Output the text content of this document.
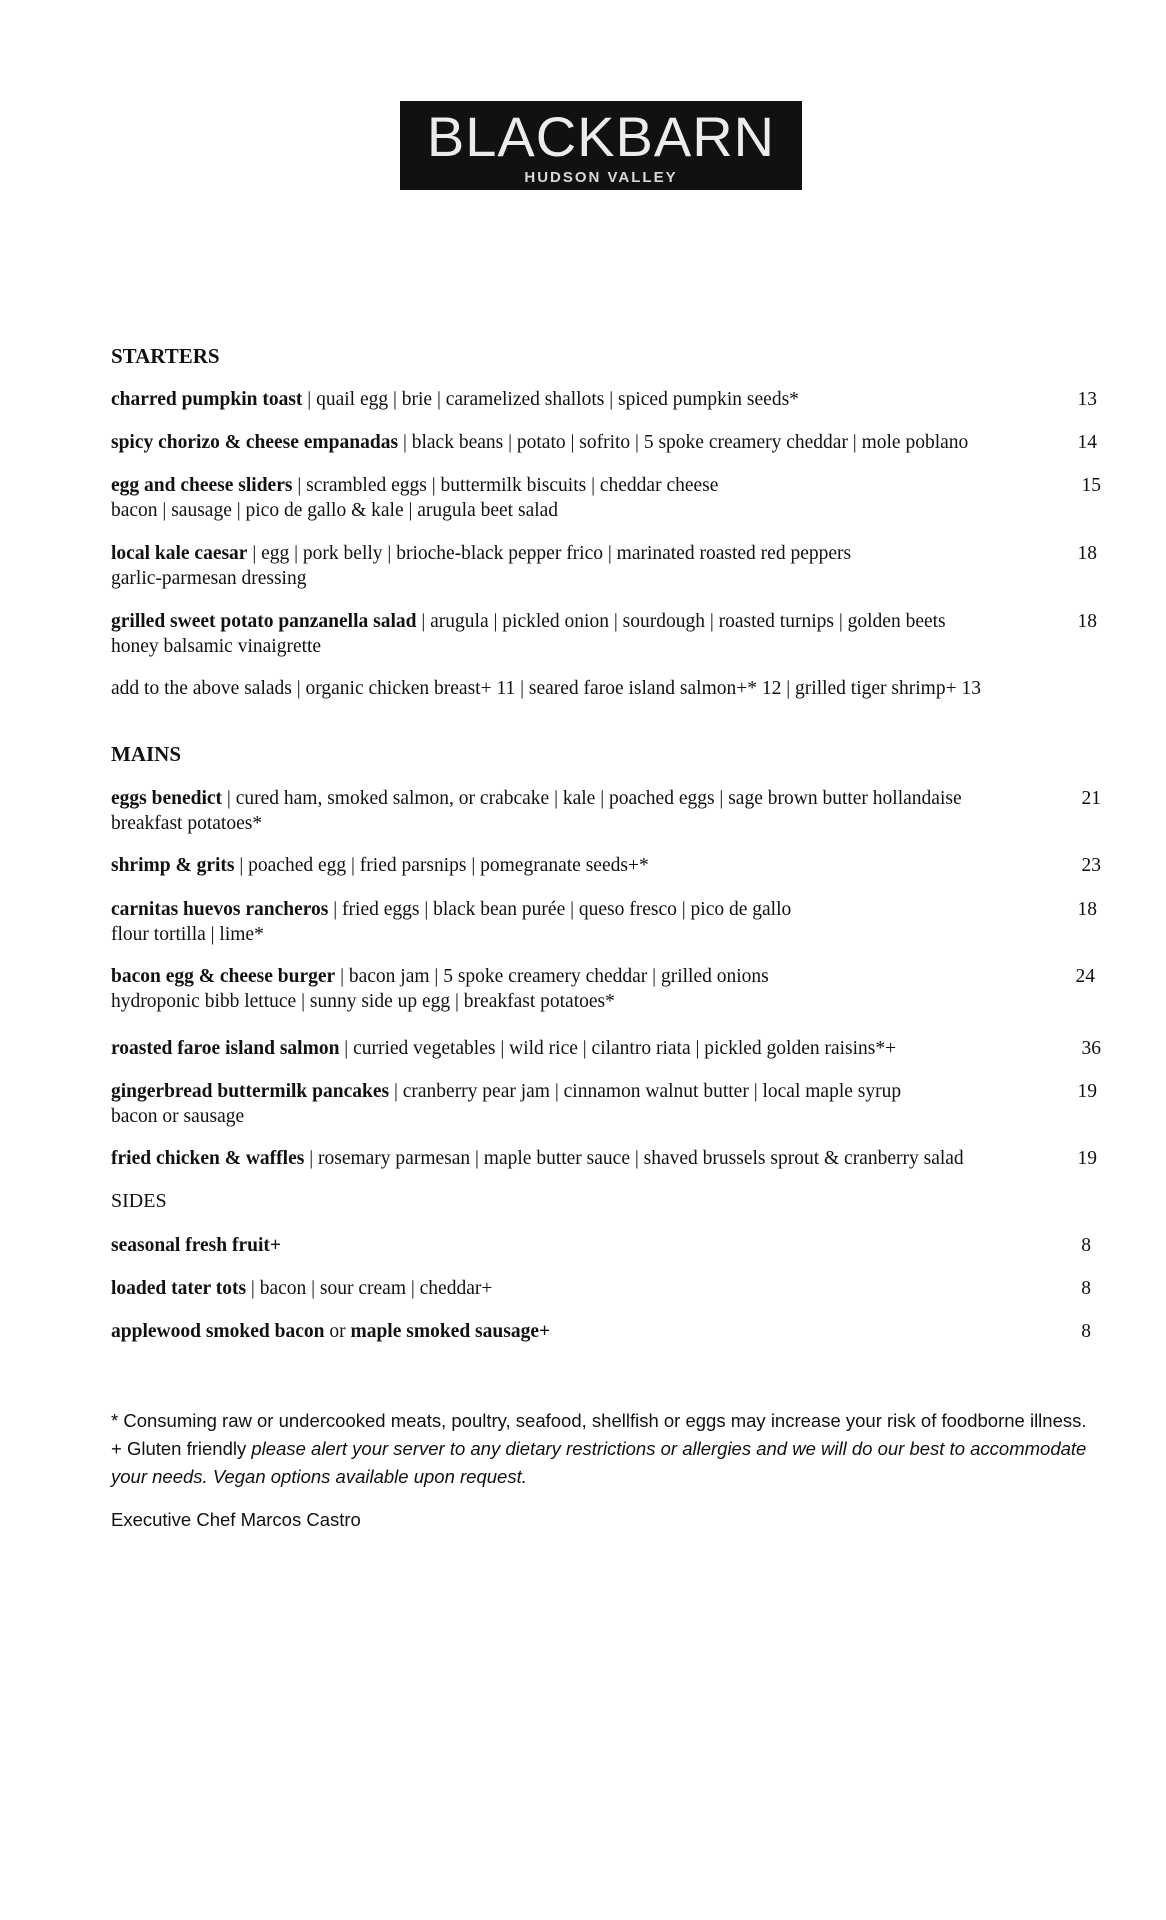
BLACKBARN
HUDSON VALLEY
STARTERS
charred pumpkin toast | quail egg | brie | caramelized shallots | spiced pumpkin seeds*	13
spicy chorizo & cheese empanadas | black beans | potato | sofrito | 5 spoke creamery cheddar | mole poblano	14
egg and cheese sliders | scrambled eggs | buttermilk biscuits | cheddar cheese
bacon | sausage | pico de gallo & kale | arugula beet salad
15
local kale caesar | egg | pork belly | brioche-black pepper frico | marinated roasted red peppers
garlic-parmesan dressing
18
grilled sweet potato panzanella salad | arugula | pickled onion | sourdough | roasted turnips | golden beets
honey balsamic vinaigrette
18
add to the above salads | organic chicken breast+ 11 | seared faroe island salmon+* 12 | grilled tiger shrimp+ 13
MAINS
eggs benedict | cured ham, smoked salmon, or crabcake | kale | poached eggs | sage brown butter hollandaise
breakfast potatoes*
21
shrimp & grits | poached egg | fried parsnips | pomegranate seeds+*	23
carnitas huevos rancheros | fried eggs | black bean purée | queso fresco | pico de gallo
flour tortilla | lime*
18
bacon egg & cheese burger | bacon jam | 5 spoke creamery cheddar | grilled onions
hydroponic bibb lettuce | sunny side up egg | breakfast potatoes*
24
roasted faroe island salmon | curried vegetables | wild rice | cilantro riata | pickled golden raisins*+	36
gingerbread buttermilk pancakes | cranberry pear jam | cinnamon walnut butter | local maple syrup
bacon or sausage
19
fried chicken & waffles | rosemary parmesan | maple butter sauce | shaved brussels sprout & cranberry salad	19
SIDES
seasonal fresh fruit+	8
loaded tater tots | bacon | sour cream | cheddar+	8
applewood smoked bacon or maple smoked sausage+	8
* Consuming raw or undercooked meats, poultry, seafood, shellfish or eggs may increase your risk of foodborne illness. + Gluten friendly please alert your server to any dietary restrictions or allergies and we will do our best to accommodate your needs. Vegan options available upon request.
Executive Chef Marcos Castro
